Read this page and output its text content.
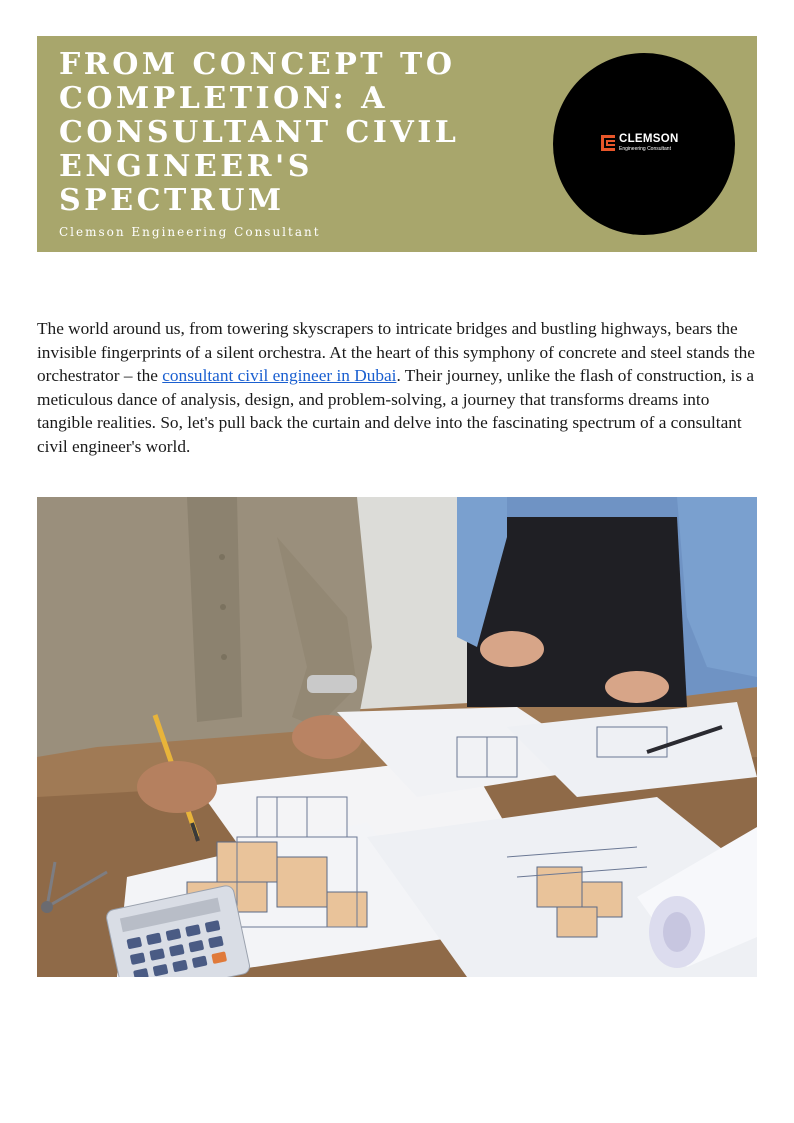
FROM CONCEPT TO COMPLETION: A CONSULTANT CIVIL ENGINEER'S SPECTRUM
Clemson Engineering Consultant
CLEMSON
Engineering Consultant

The world around us, from towering skyscrapers to intricate bridges and bustling highways, bears the invisible fingerprints of a silent orchestra. At the heart of this symphony of concrete and steel stands the orchestrator – the consultant civil engineer in Dubai. Their journey, unlike the flash of construction, is a meticulous dance of analysis, design, and problem-solving, a journey that transforms dreams into tangible realities. So, let's pull back the curtain and delve into the fascinating spectrum of a consultant civil engineer's world.
